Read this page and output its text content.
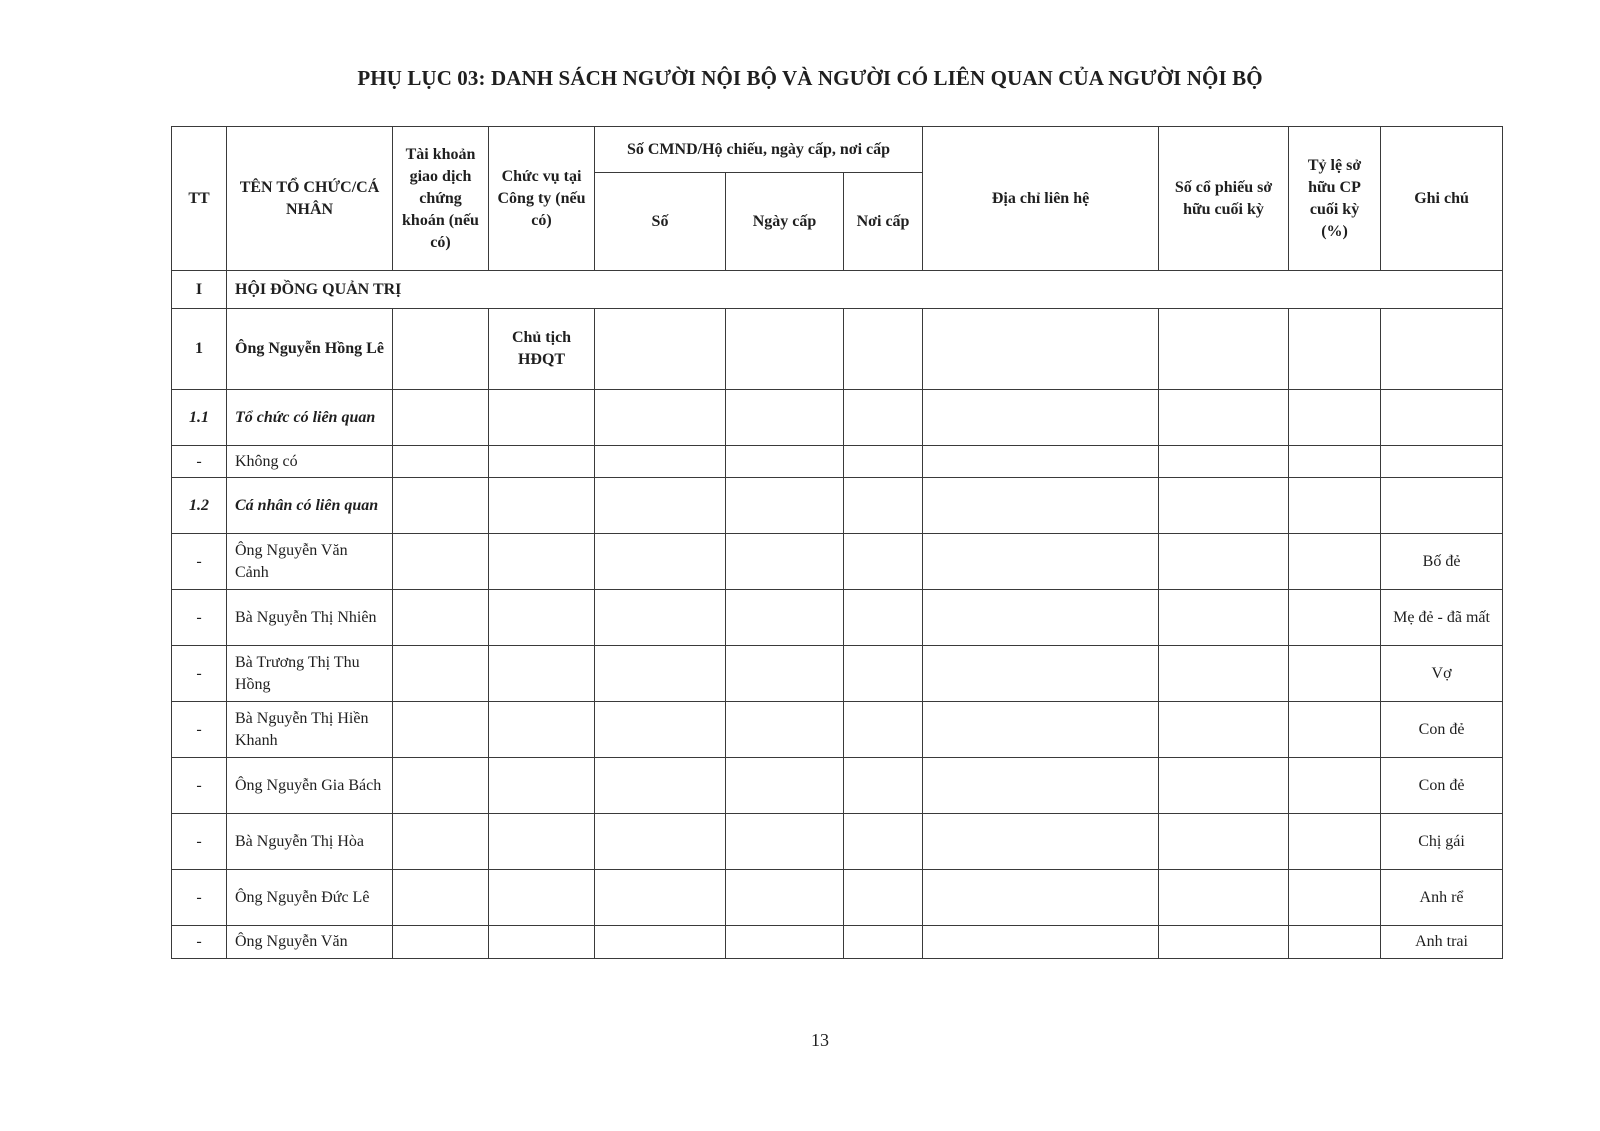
PHỤ LỤC 03: DANH SÁCH NGƯỜI NỘI BỘ VÀ NGƯỜI CÓ LIÊN QUAN CỦA NGƯỜI NỘI BỘ
TT	TÊN TỔ CHỨC/CÁ NHÂN	Tài khoản giao dịch chứng khoán (nếu có)	Chức vụ tại Công ty (nếu có)	Số CMND/Hộ chiếu, ngày cấp, nơi cấp			Địa chỉ liên hệ	Số cổ phiếu sở hữu cuối kỳ	Tỷ lệ sở hữu CP cuối kỳ (%)	Ghi chú
				Số	Ngày cấp	Nơi cấp				
I	HỘI ĐỒNG QUẢN TRỊ									
1	Ông Nguyễn Hồng Lê		Chủ tịch HĐQT							
1.1	Tổ chức có liên quan									
-	Không có									
1.2	Cá nhân có liên quan									
-	Ông Nguyễn Văn Cảnh									Bố đẻ
-	Bà Nguyễn Thị Nhiên									Mẹ đẻ - đã mất
-	Bà Trương Thị Thu Hồng									Vợ
-	Bà Nguyễn Thị Hiền Khanh									Con đẻ
-	Ông Nguyễn Gia Bách									Con đẻ
-	Bà Nguyễn Thị Hòa									Chị gái
-	Ông Nguyễn Đức Lê									Anh rể
-	Ông Nguyễn Văn									Anh trai
13
